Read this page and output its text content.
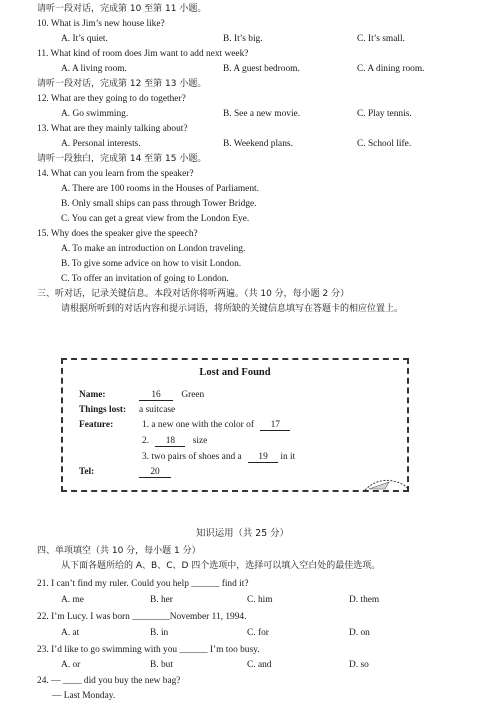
请听一段对话，完成第 10 至第 11 小题。
10. What is Jim’s new house like?
A. It’s quiet.	B. It’s big.	C. It’s small.
11. What kind of room does Jim want to add next week?
A. A living room.	B. A guest bedroom.	C. A dining room.
请听一段对话，完成第 12 至第 13 小题。
12. What are they going to do together?
A. Go swimming.	B. See a new movie.	C. Play tennis.
13. What are they mainly talking about?
A. Personal interests.	B. Weekend plans.	C. School life.
请听一段独白，完成第 14 至第 15 小题。
14. What can you learn from the speaker?
A. There are 100 rooms in the Houses of Parliament.
B. Only small ships can pass through Tower Bridge.
C. You can get a great view from the London Eye.
15. Why does the speaker give the speech?
A. To make an introduction on London traveling.
B. To give some advice on how to visit London.
C. To offer an invitation of going to London.
三、听对话，记录关键信息。本段对话你将听两遍。（共 10 分，每小题 2 分）
请根据所听到的对话内容和提示词语，将所缺的关键信息填写在答题卡的相应位置上。
Lost and Found
Name:	16 Green
Things lost: a suitcase
Feature:	1. a new one with the color of 17
2. 18 size
3. two pairs of shoes and a 19 in it
Tel:	20
知识运用（共 25 分）
四、单项填空（共 10 分，每小题 1 分）
从下面各题所给的 A、B、C、D 四个选项中，选择可以填入空白处的最佳选项。
21. I can’t find my ruler. Could you help ______ find it?
A. me	B. her	C. him	D. them
22. I’m Lucy. I was born ________November 11, 1994.
A. at	B. in	C. for	D. on
23. I’d like to go swimming with you ______ I’m too busy.
A. or	B. but	C. and	D. so
24. — ____ did you buy the new bag?
— Last Monday.
